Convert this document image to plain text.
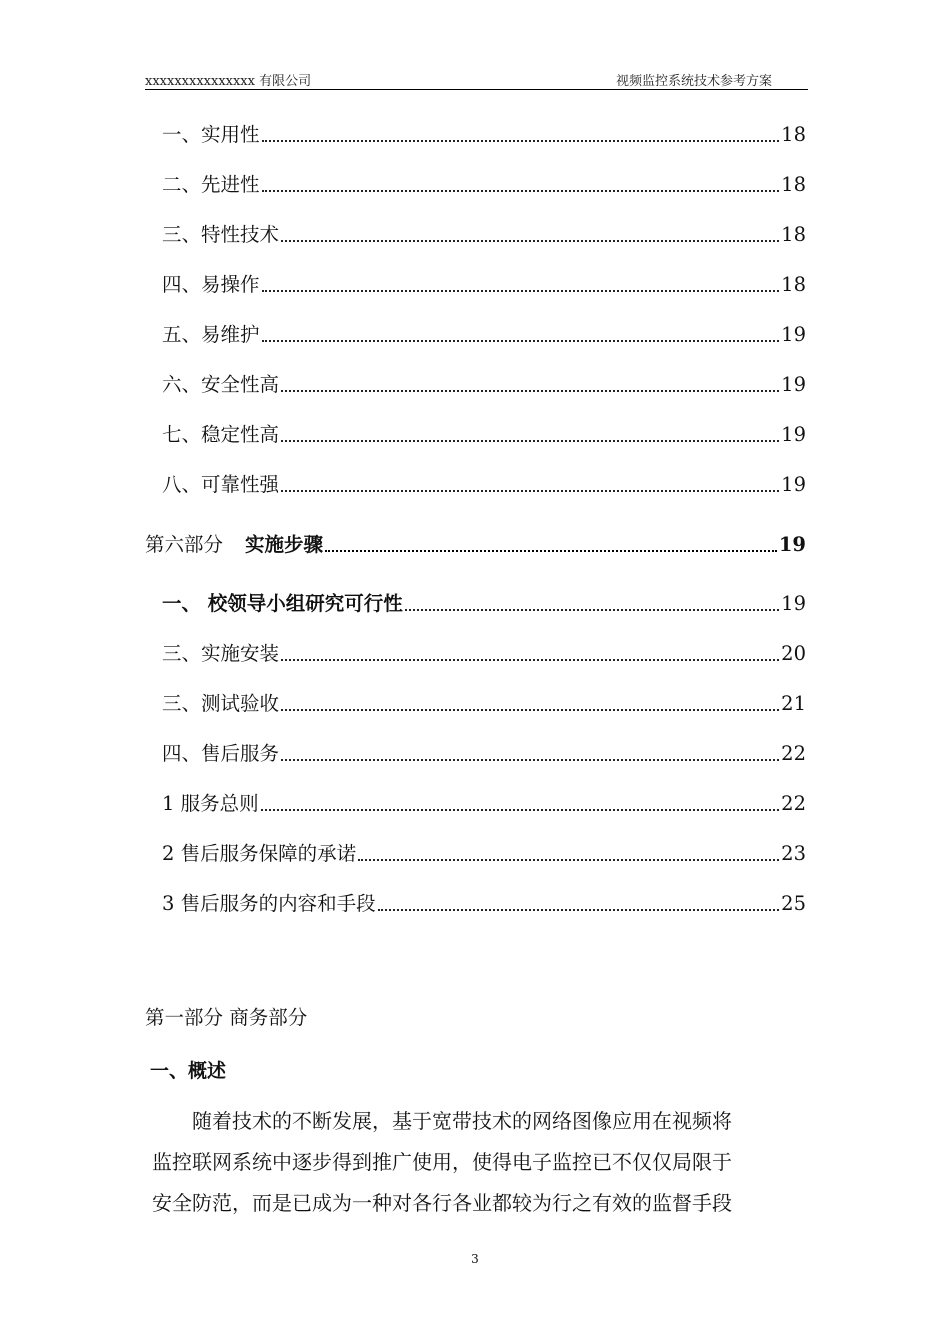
xxxxxxxxxxxxxxx 有限公司	视频监控系统技术参考方案
一、实用性	18
二、先进性	18
三、特性技术	18
四、易操作	18
五、易维护	19
六、安全性高	19
七、稳定性高	19
八、可靠性强	19
第六部分 实施步骤	19
一、 校领导小组研究可行性	19
三、实施安装	20
三、测试验收	21
四、售后服务	22
1 服务总则	22
2 售后服务保障的承诺	23
3 售后服务的内容和手段	25
第一部分 商务部分
一、概述

　　随着技术的不断发展，基于宽带技术的网络图像应用在视频将

监控联网系统中逐步得到推广使用，使得电子监控已不仅仅局限于

安全防范，而是已成为一种对各行各业都较为行之有效的监督手段

3
